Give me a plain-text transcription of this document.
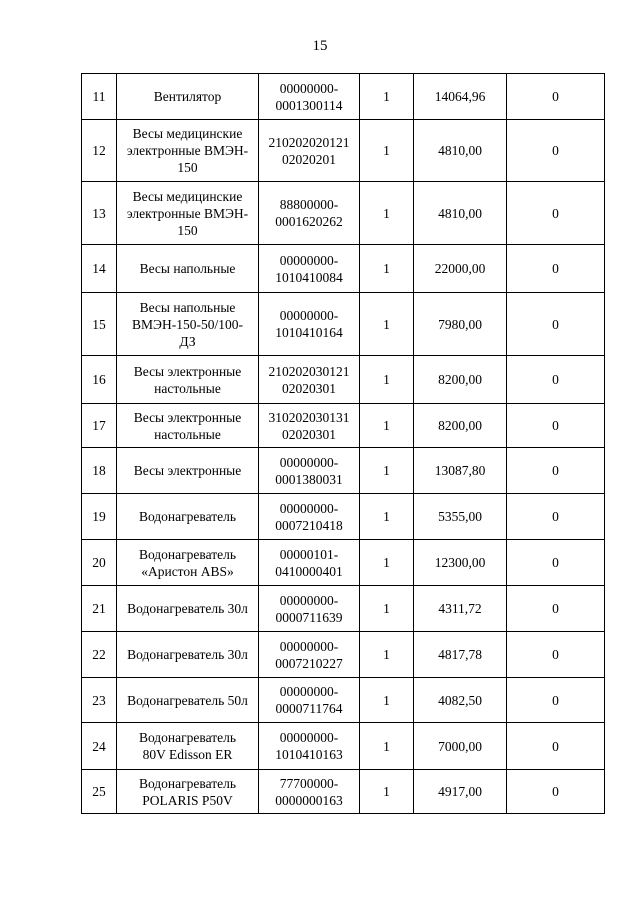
15
11	Вентилятор	00000000-
0001300114	1	14064,96	0
12	Весы медицинские
электронные ВМЭН-
150	210202020121
02020201	1	4810,00	0
13	Весы медицинские
электронные ВМЭН-
150	88800000-
0001620262	1	4810,00	0
14	Весы напольные	00000000-
1010410084	1	22000,00	0
15	Весы напольные
ВМЭН-150-50/100-
ДЗ	00000000-
1010410164	1	7980,00	0
16	Весы электронные
настольные	210202030121
02020301	1	8200,00	0
17	Весы электронные
настольные	310202030131
02020301	1	8200,00	0
18	Весы электронные	00000000-
0001380031	1	13087,80	0
19	Водонагреватель	00000000-
0007210418	1	5355,00	0
20	Водонагреватель
«Аристон ABS»	00000101-
0410000401	1	12300,00	0
21	Водонагреватель 30л	00000000-
0000711639	1	4311,72	0
22	Водонагреватель 30л	00000000-
0007210227	1	4817,78	0
23	Водонагреватель 50л	00000000-
0000711764	1	4082,50	0
24	Водонагреватель
80V Edisson ER	00000000-
1010410163	1	7000,00	0
25	Водонагреватель
POLARIS P50V	77700000-
0000000163	1	4917,00	0
